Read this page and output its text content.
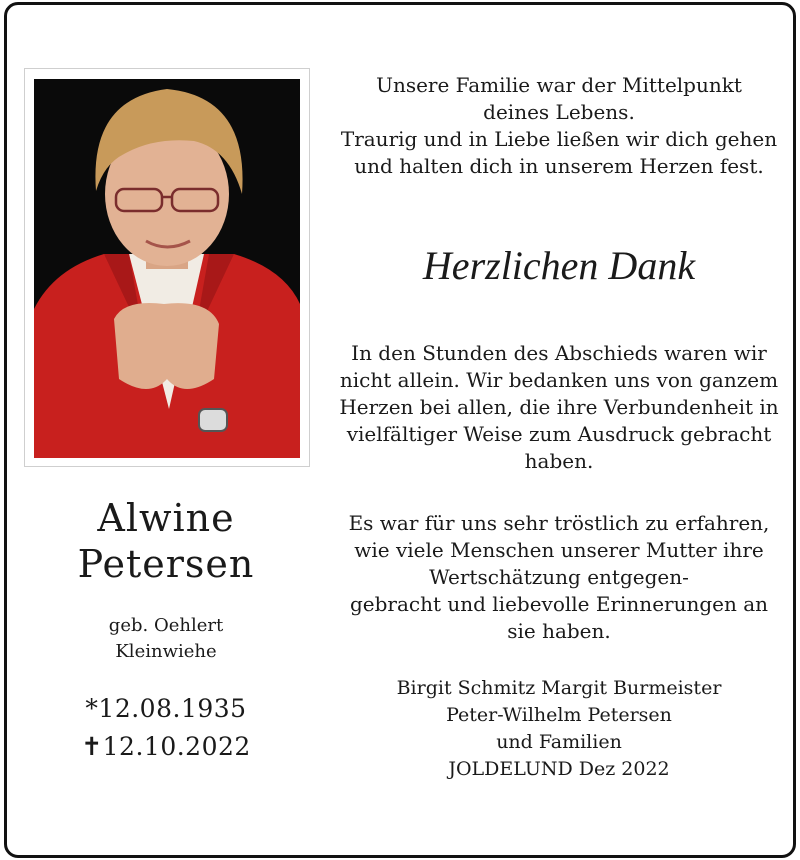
Alwine
Petersen
geb. Oehlert
Kleinwiehe
*12.08.1935
✝12.10.2022
Unsere Familie war der Mittelpunkt
deines Lebens.
Traurig und in Liebe ließen wir dich gehen
und halten dich in unserem Herzen fest.
Herzlichen Dank
In den Stunden des Abschieds waren wir
nicht allein. Wir bedanken uns von ganzem
Herzen bei allen, die ihre Verbundenheit in
vielfältiger Weise zum Ausdruck gebracht
haben.
Es war für uns sehr tröstlich zu erfahren,
wie viele Menschen unserer Mutter ihre
Wertschätzung entgegen-
gebracht und liebevolle Erinnerungen an
sie haben.
Birgit Schmitz Margit Burmeister
Peter-Wilhelm Petersen
und Familien
JOLDELUND Dez 2022
